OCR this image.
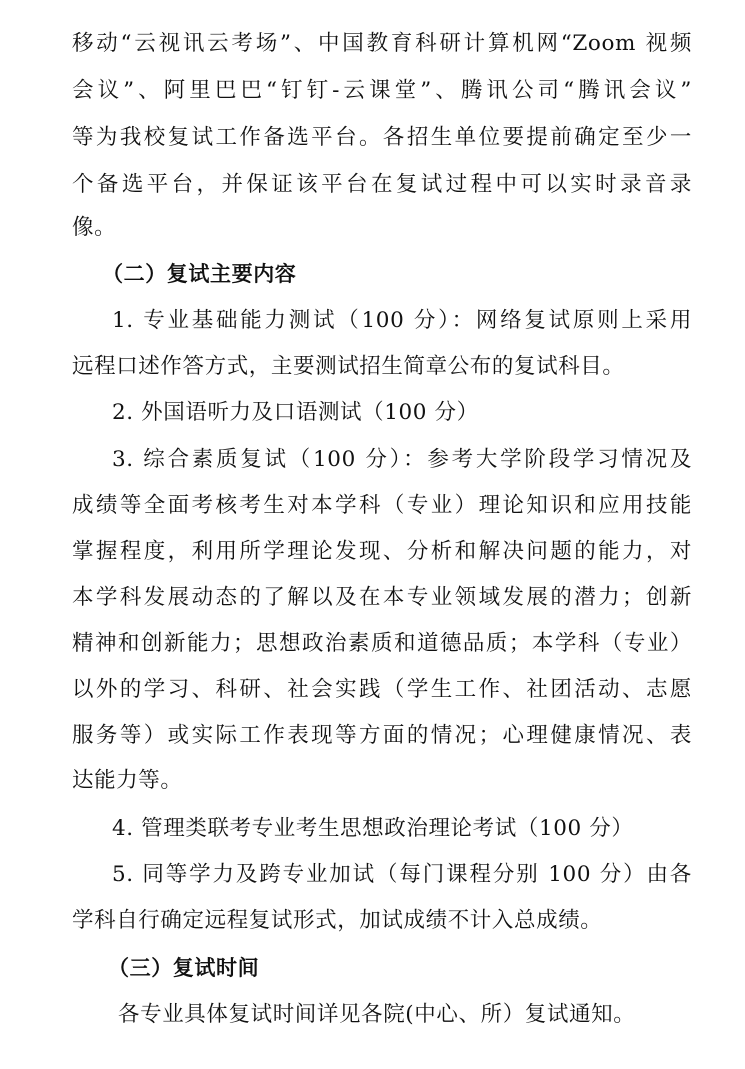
移动“云视讯云考场”、中国教育科研计算机网“Zoom 视频
会议”、阿里巴巴“钉钉-云课堂”、腾讯公司“腾讯会议”
等为我校复试工作备选平台。各招生单位要提前确定至少一
个备选平台，并保证该平台在复试过程中可以实时录音录
像。
（二）复试主要内容
1. 专业基础能力测试（100 分）：网络复试原则上采用
远程口述作答方式，主要测试招生简章公布的复试科目。
2. 外国语听力及口语测试（100 分）
3. 综合素质复试（100 分）：参考大学阶段学习情况及
成绩等全面考核考生对本学科（专业）理论知识和应用技能
掌握程度，利用所学理论发现、分析和解决问题的能力，对
本学科发展动态的了解以及在本专业领域发展的潜力；创新
精神和创新能力；思想政治素质和道德品质；本学科（专业）
以外的学习、科研、社会实践（学生工作、社团活动、志愿
服务等）或实际工作表现等方面的情况；心理健康情况、表
达能力等。
4. 管理类联考专业考生思想政治理论考试（100 分）
5. 同等学力及跨专业加试（每门课程分别 100 分）由各
学科自行确定远程复试形式，加试成绩不计入总成绩。
（三）复试时间
各专业具体复试时间详见各院(中心、所）复试通知。
